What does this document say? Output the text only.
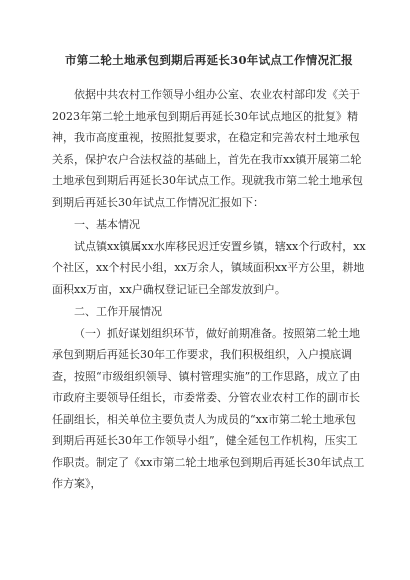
市第二轮土地承包到期后再延长30年试点工作情况汇报

依据中共农村工作领导小组办公室、农业农村部印发《关于2023年第二轮土地承包到期后再延长30年试点地区的批复》精神，我市高度重视，按照批复要求，在稳定和完善农村土地承包关系，保护农户合法权益的基础上，首先在我市xx镇开展第二轮土地承包到期后再延长30年试点工作。现就我市第二轮土地承包到期后再延长30年试点工作情况汇报如下：

一、基本情况

试点镇xx镇属xx水库移民迟迁安置乡镇，辖xx个行政村，xx个社区，xx个村民小组，xx万余人，镇域面积xx平方公里，耕地面积xx万亩，xx户确权登记证已全部发放到户。

二、工作开展情况

（一）抓好谋划组织环节，做好前期准备。按照第二轮土地承包到期后再延长30年工作要求，我们积极组织，入户摸底调查，按照“市级组织领导、镇村管理实施”的工作思路，成立了由市政府主要领导任组长，市委常委、分管农业农村工作的副市长任副组长，相关单位主要负责人为成员的“xx市第二轮土地承包到期后再延长30年工作领导小组”，健全延包工作机构，压实工作职责。制定了《xx市第二轮土地承包到期后再延长30年试点工作方案》，
